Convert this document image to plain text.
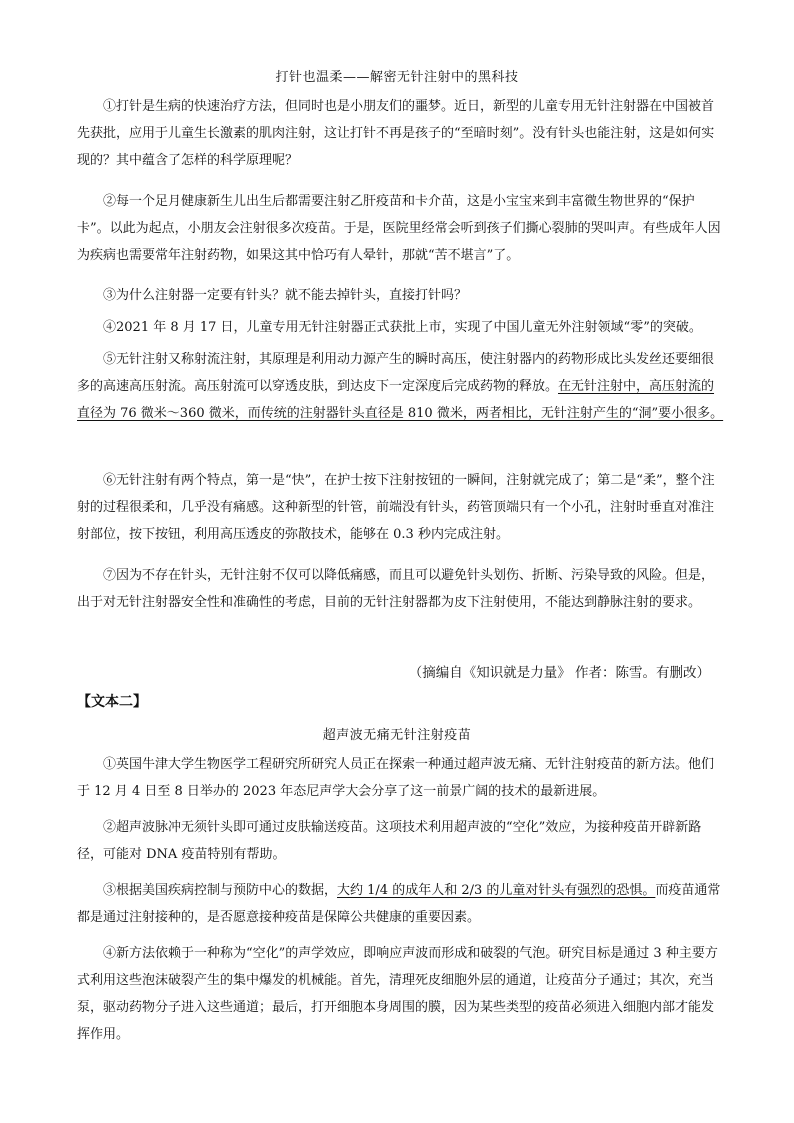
打针也温柔——解密无针注射中的黑科技

①打针是生病的快速治疗方法，但同时也是小朋友们的噩梦。近日，新型的儿童专用无针注射器在中国被首先获批，应用于儿童生长激素的肌肉注射，这让打针不再是孩子的“至暗时刻”。没有针头也能注射，这是如何实现的？其中蕴含了怎样的科学原理呢？

②每一个足月健康新生儿出生后都需要注射乙肝疫苗和卡介苗，这是小宝宝来到丰富微生物世界的“保护卡”。以此为起点，小朋友会注射很多次疫苗。于是，医院里经常会听到孩子们撕心裂肺的哭叫声。有些成年人因为疾病也需要常年注射药物，如果这其中恰巧有人晕针，那就“苦不堪言”了。

③为什么注射器一定要有针头？就不能去掉针头，直接打针吗？

④2021 年 8 月 17 日，儿童专用无针注射器正式获批上市，实现了中国儿童无外注射领域“零”的突破。

⑤无针注射又称射流注射，其原理是利用动力源产生的瞬时高压，使注射器内的药物形成比头发丝还要细很多的高速高压射流。高压射流可以穿透皮肤，到达皮下一定深度后完成药物的释放。在无针注射中，高压射流的直径为 76 微米～360 微米，而传统的注射器针头直径是 810 微米，两者相比，无针注射产生的“洞”要小很多。

⑥无针注射有两个特点，第一是“快”，在护士按下注射按钮的一瞬间，注射就完成了；第二是“柔”，整个注射的过程很柔和，几乎没有痛感。这种新型的针管，前端没有针头，药管顶端只有一个小孔，注射时垂直对准注射部位，按下按钮，利用高压透皮的弥散技术，能够在 0.3 秒内完成注射。

⑦因为不存在针头，无针注射不仅可以降低痛感，而且可以避免针头划伤、折断、污染导致的风险。但是，出于对无针注射器安全性和准确性的考虑，目前的无针注射器都为皮下注射使用，不能达到静脉注射的要求。

（摘编自《知识就是力量》 作者：陈雪。有删改）
【文本二】
超声波无痛无针注射疫苗

①英国牛津大学生物医学工程研究所研究人员正在探索一种通过超声波无痛、无针注射疫苗的新方法。他们于 12 月 4 日至 8 日举办的 2023 年态尼声学大会分享了这一前景广阔的技术的最新进展。

②超声波脉冲无须针头即可通过皮肤输送疫苗。这项技术利用超声波的“空化”效应，为接种疫苗开辟新路径，可能对 DNA 疫苗特别有帮助。

③根据美国疾病控制与预防中心的数据，大约 1/4 的成年人和 2/3 的儿童对针头有强烈的恐惧。而疫苗通常都是通过注射接种的，是否愿意接种疫苗是保障公共健康的重要因素。

④新方法依赖于一种称为“空化”的声学效应，即响应声波而形成和破裂的气泡。研究目标是通过 3 种主要方式利用这些泡沫破裂产生的集中爆发的机械能。首先，清理死皮细胞外层的通道，让疫苗分子通过；其次，充当泵，驱动药物分子进入这些通道；最后，打开细胞本身周围的膜，因为某些类型的疫苗必须进入细胞内部才能发挥作用。
